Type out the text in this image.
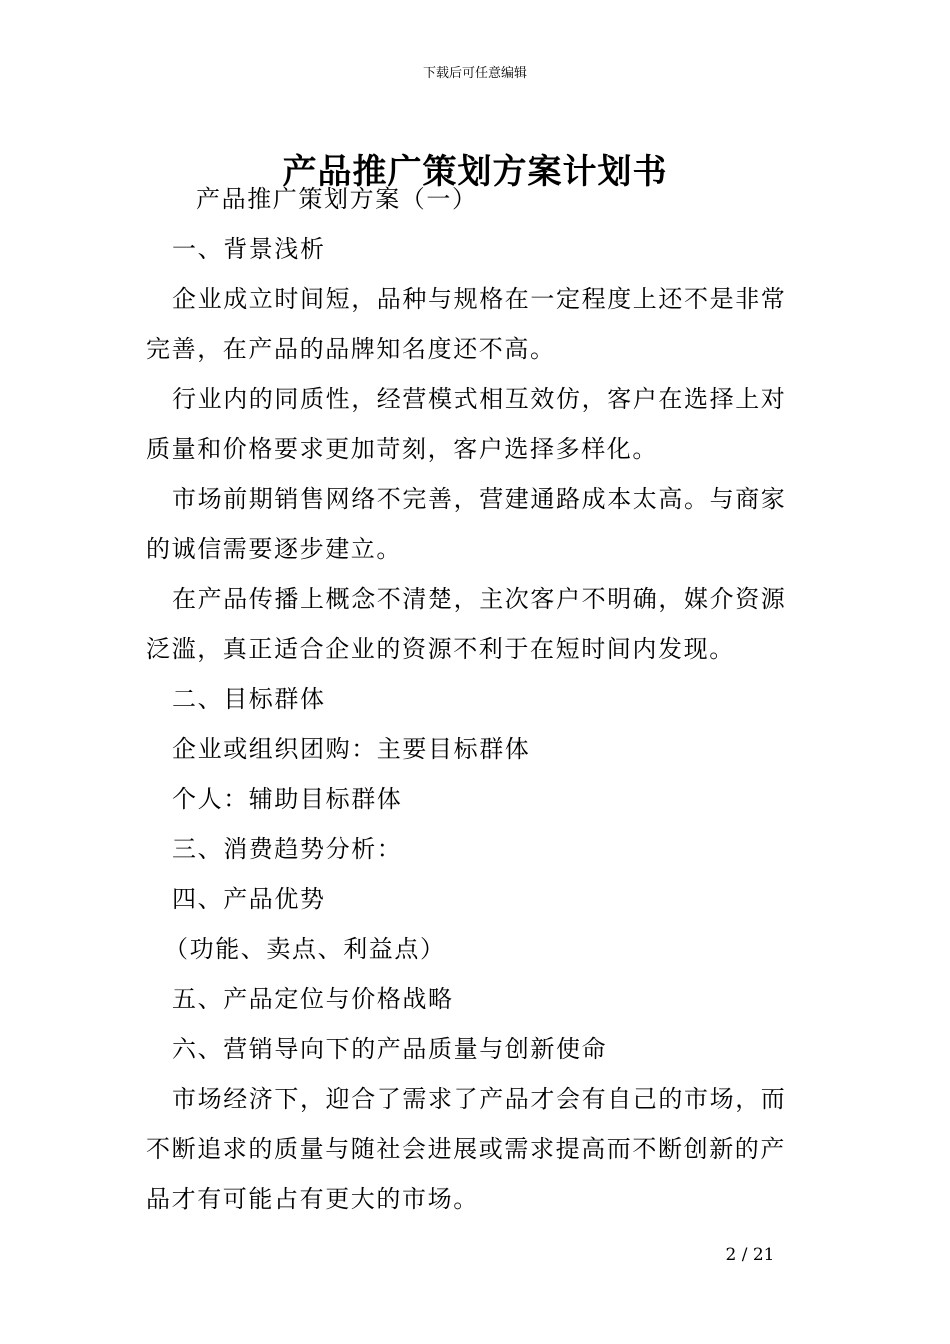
下载后可任意编辑
产品推广策划方案计划书

产品推广策划方案（一）

一、背景浅析

企业成立时间短，品种与规格在一定程度上还不是非常完善，在产品的品牌知名度还不高。

行业内的同质性，经营模式相互效仿，客户在选择上对质量和价格要求更加苛刻，客户选择多样化。

市场前期销售网络不完善，营建通路成本太高。与商家的诚信需要逐步建立。

在产品传播上概念不清楚，主次客户不明确，媒介资源泛滥，真正适合企业的资源不利于在短时间内发现。

二、目标群体

企业或组织团购：主要目标群体

个人：辅助目标群体

三、消费趋势分析：

四、产品优势

（功能、卖点、利益点）

五、产品定位与价格战略

六、营销导向下的产品质量与创新使命

市场经济下，迎合了需求了产品才会有自己的市场，而不断追求的质量与随社会进展或需求提高而不断创新的产品才有可能占有更大的市场。

2 / 21
